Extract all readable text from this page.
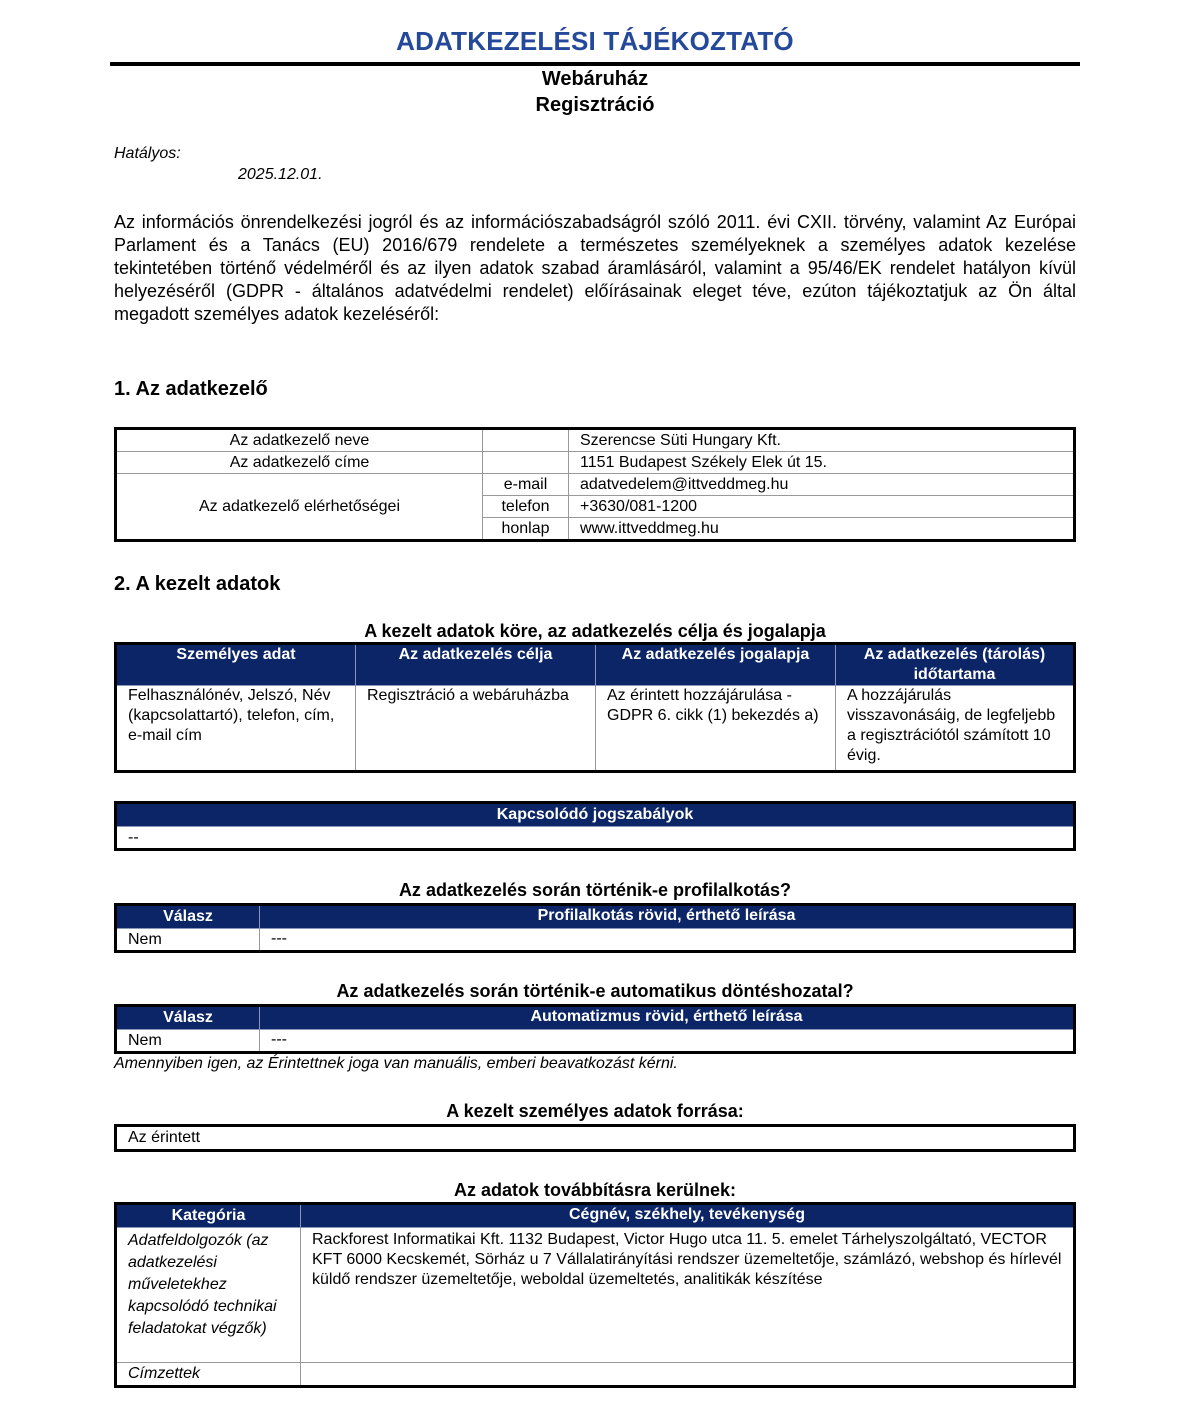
ADATKEZELÉSI TÁJÉKOZTATÓ
Webáruház
Regisztráció
Hatályos:
2025.12.01.
Az információs önrendelkezési jogról és az információszabadságról szóló 2011. évi CXII. törvény, valamint Az Európai Parlament és a Tanács (EU) 2016/679 rendelete a természetes személyeknek a személyes adatok kezelése tekintetében történő védelméről és az ilyen adatok szabad áramlásáról, valamint a 95/46/EK rendelet hatályon kívül helyezéséről (GDPR - általános adatvédelmi rendelet) előírásainak eleget téve, ezúton tájékoztatjuk az Ön által megadott személyes adatok kezeléséről:
1. Az adatkezelő
Az adatkezelő neve		Szerencse Süti Hungary Kft.
Az adatkezelő címe		1151 Budapest Székely Elek út 15.
Az adatkezelő elérhetőségei	e-mail	adatvedelem@ittveddmeg.hu
	telefon	+3630/081-1200
	honlap	www.ittveddmeg.hu
2. A kezelt adatok
A kezelt adatok köre, az adatkezelés célja és jogalapja
Személyes adat	Az adatkezelés célja	Az adatkezelés jogalapja	Az adatkezelés (tárolás) időtartama
Felhasználónév, Jelszó, Név (kapcsolattartó), telefon, cím, e-mail cím	Regisztráció a webáruházba	Az érintett hozzájárulása - GDPR 6. cikk (1) bekezdés a)	A hozzájárulás visszavonásáig, de legfeljebb a regisztrációtól számított 10 évig.
Kapcsolódó jogszabályok
--
Az adatkezelés során történik-e profilalkotás?
Válasz	Profilalkotás rövid, érthető leírása
Nem	---
Az adatkezelés során történik-e automatikus döntéshozatal?
Válasz	Automatizmus rövid, érthető leírása
Nem	---
Amennyiben igen, az Érintettnek joga van manuális, emberi beavatkozást kérni.
A kezelt személyes adatok forrása:
Az érintett
Az adatok továbbításra kerülnek:
Kategória	Cégnév, székhely, tevékenység
Adatfeldolgozók (az adatkezelési műveletekhez kapcsolódó technikai feladatokat végzők)	Rackforest Informatikai Kft. 1132 Budapest, Victor Hugo utca 11. 5. emelet Tárhelyszolgáltató, VECTOR KFT 6000 Kecskemét, Sörház u 7 Vállalatirányítási rendszer üzemeltetője, számlázó, webshop és hírlevél küldő rendszer üzemeltetője, weboldal üzemeltetés, analitikák készítése
Címzettek	
